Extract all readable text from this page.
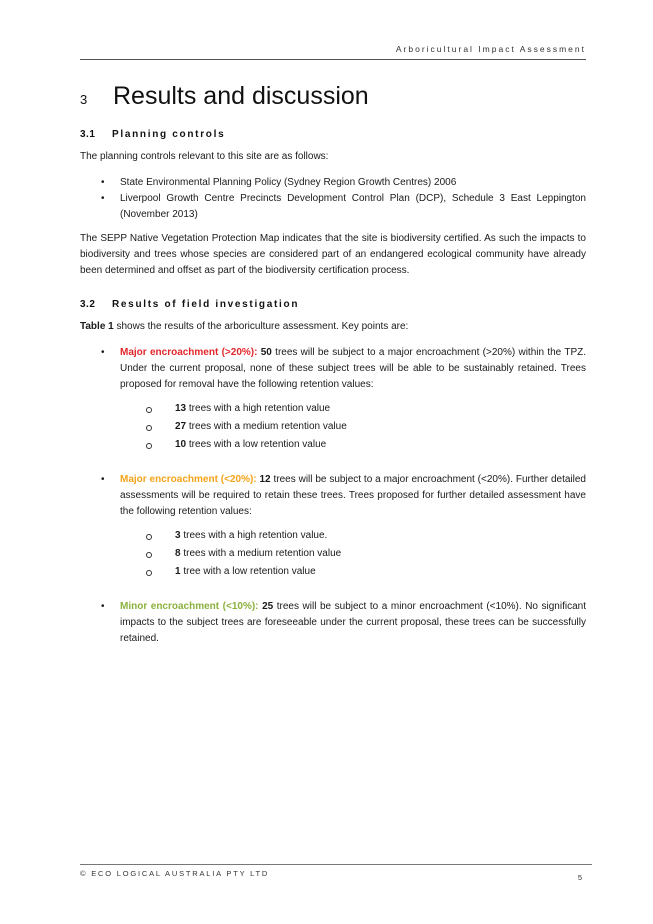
Arboricultural Impact Assessment
3	Results and discussion
3.1	Planning controls

The planning controls relevant to this site are as follows:

• State Environmental Planning Policy (Sydney Region Growth Centres) 2006
• Liverpool Growth Centre Precincts Development Control Plan (DCP), Schedule 3 East Leppington (November 2013)

The SEPP Native Vegetation Protection Map indicates that the site is biodiversity certified. As such the impacts to biodiversity and trees whose species are considered part of an endangered ecological community have already been determined and offset as part of the biodiversity certification process.

3.2	Results of field investigation

Table 1 shows the results of the arboriculture assessment. Key points are:

• Major encroachment (>20%): 50 trees will be subject to a major encroachment (>20%) within the TPZ. Under the current proposal, none of these subject trees will be able to be sustainably retained. Trees proposed for removal have the following retention values:
13 trees with a high retention value
27 trees with a medium retention value
10 trees with a low retention value
• Major encroachment (<20%): 12 trees will be subject to a major encroachment (<20%). Further detailed assessments will be required to retain these trees. Trees proposed for further detailed assessment have the following retention values:
3 trees with a high retention value.
8 trees with a medium retention value
1 tree with a low retention value
• Minor encroachment (<10%): 25 trees will be subject to a minor encroachment (<10%). No significant impacts to the subject trees are foreseeable under the current proposal, these trees can be successfully retained.
© ECO LOGICAL AUSTRALIA PTY LTD	5
